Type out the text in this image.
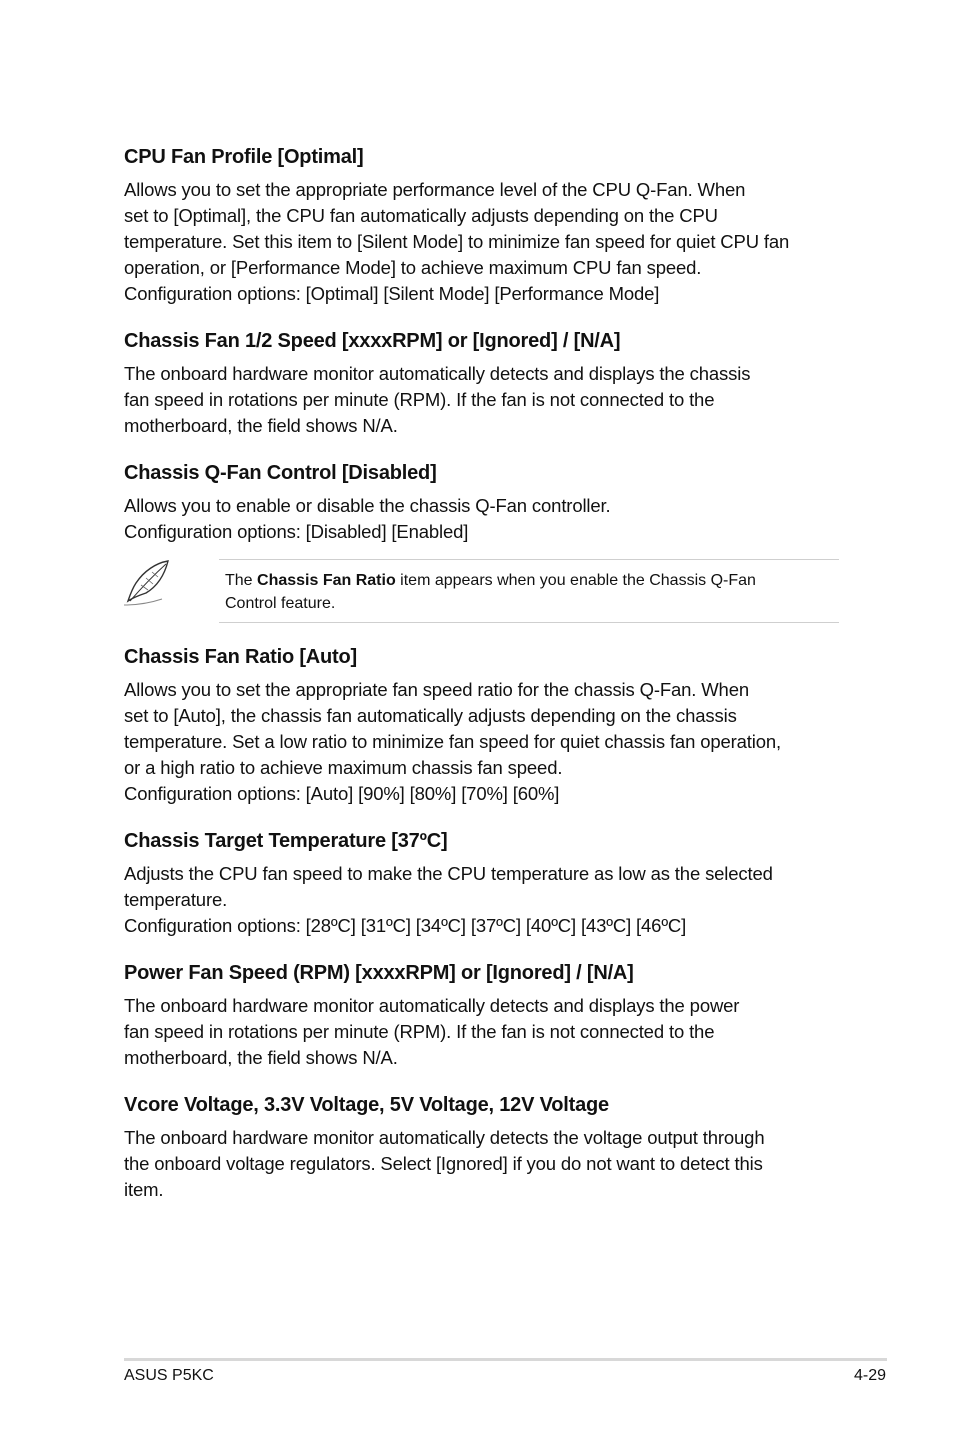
CPU Fan Profile [Optimal]

Allows you to set the appropriate performance level of the CPU Q-Fan. When
set to [Optimal], the CPU fan automatically adjusts depending on the CPU
temperature. Set this item to [Silent Mode] to minimize fan speed for quiet CPU fan
operation, or [Performance Mode] to achieve maximum CPU fan speed.
Configuration options: [Optimal] [Silent Mode] [Performance Mode]

Chassis Fan 1/2 Speed [xxxxRPM] or [Ignored] / [N/A]

The onboard hardware monitor automatically detects and displays the chassis
fan speed in rotations per minute (RPM). If the fan is not connected to the
motherboard, the field shows N/A.

Chassis Q-Fan Control [Disabled]

Allows you to enable or disable the chassis Q-Fan controller.
Configuration options: [Disabled] [Enabled]

The Chassis Fan Ratio item appears when you enable the Chassis Q-Fan
Control feature.
Chassis Fan Ratio [Auto]

Allows you to set the appropriate fan speed ratio for the chassis Q-Fan. When
set to [Auto], the chassis fan automatically adjusts depending on the chassis
temperature. Set a low ratio to minimize fan speed for quiet chassis fan operation,
or a high ratio to achieve maximum chassis fan speed.
Configuration options: [Auto] [90%] [80%] [70%] [60%]

Chassis Target Temperature [37ºC]

Adjusts the CPU fan speed to make the CPU temperature as low as the selected
temperature.
Configuration options: [28ºC] [31ºC] [34ºC] [37ºC] [40ºC] [43ºC] [46ºC]

Power Fan Speed (RPM) [xxxxRPM] or [Ignored] / [N/A]

The onboard hardware monitor automatically detects and displays the power
fan speed in rotations per minute (RPM). If the fan is not connected to the
motherboard, the field shows N/A.

Vcore Voltage, 3.3V Voltage, 5V Voltage, 12V Voltage

The onboard hardware monitor automatically detects the voltage output through
the onboard voltage regulators. Select [Ignored] if you do not want to detect this
item.

ASUS P5KC	4-29
